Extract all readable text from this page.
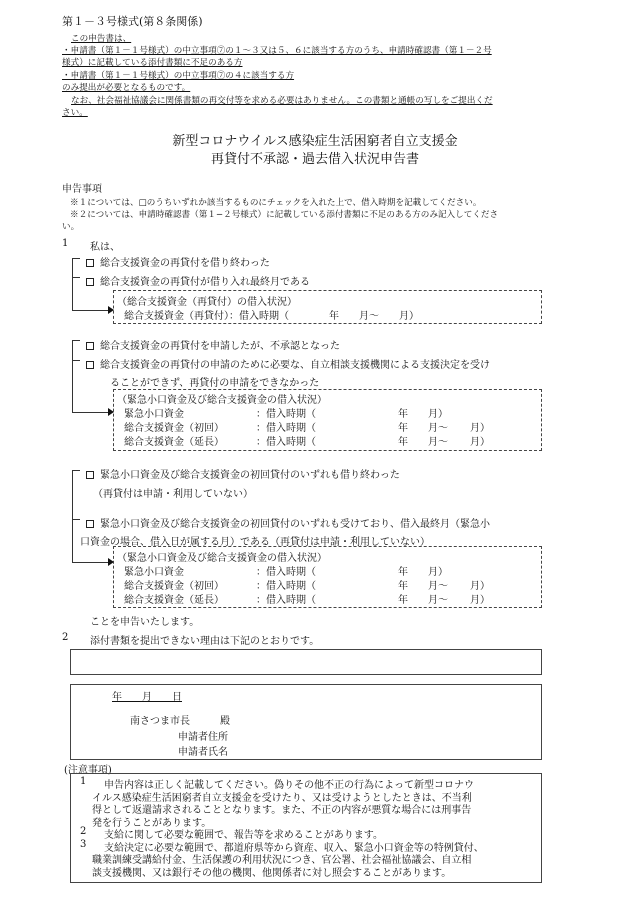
第１－３号様式(第８条関係)
この申告書は、
・申請書（第１－１号様式）の中立事項⑦の１～３又は５、６に該当する方のうち、申請時確認書（第１－２号
様式）に記載している添付書類に不足のある方
・申請書（第１－１号様式）の中立事項⑦の４に該当する方
のみ提出が必要となるものです。
なお、社会福祉協議会に関係書類の再交付等を求める必要はありません。この書類と通帳の写しをご提出くだ
さい。
新型コロナウイルス感染症生活困窮者自立支援金
再貸付不承認・過去借入状況申告書
申告事項
※１については、□のうちいずれか該当するものにチェックを入れた上で、借入時期を記載してください。
※２については、申請時確認書（第１−２号様式）に記載している添付書類に不足のある方のみ記入してくださ
い。
1 私は、
総合支援資金の再貸付を借り終わった
総合支援資金の再貸付が借り入れ最終月である
（総合支援資金（再貸付）の借入状況）
総合支援資金（再貸付）：借入時期（　　　　年　　月～　　月）
総合支援資金の再貸付を申請したが、不承認となった
総合支援資金の再貸付の申請のために必要な、自立相談支援機関による支援決定を受け
ることができず、再貸付の申請をできなかった
（緊急小口資金及び総合支援資金の借入状況）
緊急小口資金	：借入時期（	年 月）
総合支援資金（初回）	：借入時期（	年 月～ 月）
総合支援資金（延長）	：借入時期（	年 月～ 月）
緊急小口資金及び総合支援資金の初回貸付のいずれも借り終わった
（再貸付は申請・利用していない）
緊急小口資金及び総合支援資金の初回貸付のいずれも受けており、借入最終月（緊急小
口資金の場合、借入日が属する月）である（再貸付は申請・利用していない）
（緊急小口資金及び総合支援資金の借入状況）
緊急小口資金	：借入時期（	年 月）
総合支援資金（初回）	：借入時期（	年 月～ 月）
総合支援資金（延長）	：借入時期（	年 月～ 月）
ことを申告いたします。
2 添付書類を提出できない理由は下記のとおりです。
年　　月　　日
南さつま市長　　　殿
申請者住所
申請者氏名
(注意事項)
1 申告内容は正しく記載してください。偽りその他不正の行為によって新型コロナウ
イルス感染症生活困窮者自立支援金を受けたり、又は受けようとしたときは、不当利
得として返還請求されることとなります。また、不正の内容が悪質な場合には刑事告
発を行うことがあります。
2 支給に関して必要な範囲で、報告等を求めることがあります。
3 支給決定に必要な範囲で、都道府県等から資産、収入、緊急小口資金等の特例貸付、
職業訓練受講給付金、生活保護の利用状況につき、官公署、社会福祉協議会、自立相
談支援機関、又は銀行その他の機関、他関係者に対し照会することがあります。
